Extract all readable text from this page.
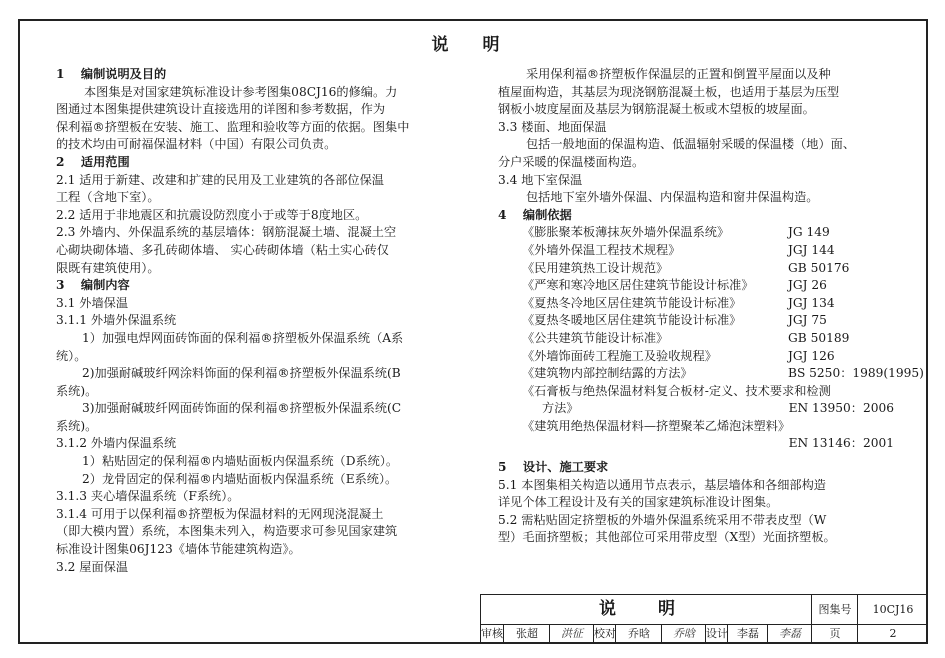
说 明
1　 编制说明及目的
本图集是对国家建筑标准设计参考图集08CJ16的修编。力
图通过本图集提供建筑设计直接选用的详图和参考数据，作为
保利福®挤塑板在安装、施工、监理和验收等方面的依据。图集中
的技术均由可耐福保温材料（中国）有限公司负责。
2　 适用范围
2.1 适用于新建、改建和扩建的民用及工业建筑的各部位保温
工程（含地下室）。
2.2 适用于非地震区和抗震设防烈度小于或等于8度地区。
2.3 外墙内、外保温系统的基层墙体：钢筋混凝土墙、混凝土空
心砌块砌体墙、多孔砖砌体墙、 实心砖砌体墙（粘土实心砖仅
限既有建筑使用）。
3　 编制内容
3.1 外墙保温
3.1.1 外墙外保温系统
1）加强电焊网面砖饰面的保利福®挤塑板外保温系统（A系
统）。
2)加强耐碱玻纤网涂料饰面的保利福®挤塑板外保温系统(B
系统)。
3)加强耐碱玻纤网面砖饰面的保利福®挤塑板外保温系统(C
系统)。
3.1.2 外墙内保温系统
1）粘贴固定的保利福®内墙贴面板内保温系统（D系统）。
2）龙骨固定的保利福®内墙贴面板内保温系统（E系统）。
3.1.3 夹心墙保温系统（F系统）。
3.1.4 可用于以保利福®挤塑板为保温材料的无网现浇混凝土
（即大模内置）系统，本图集未列入，构造要求可参见国家建筑
标准设计图集06J123《墙体节能建筑构造》。
3.2 屋面保温
采用保利福®挤塑板作保温层的正置和倒置平屋面以及种
植屋面构造，其基层为现浇钢筋混凝土板，也适用于基层为压型
钢板小坡度屋面及基层为钢筋混凝土板或木望板的坡屋面。
3.3 楼面、地面保温
包括一般地面的保温构造、低温辐射采暖的保温楼（地）面、
分户采暖的保温楼面构造。
3.4 地下室保温
包括地下室外墙外保温、内保温构造和窗井保温构造。
4　 编制依据
《膨胀聚苯板薄抹灰外墙外保温系统》	JG 149
《外墙外保温工程技术规程》	JGJ 144
《民用建筑热工设计规范》	GB 50176
《严寒和寒冷地区居住建筑节能设计标准》	JGJ 26
《夏热冬冷地区居住建筑节能设计标准》	JGJ 134
《夏热冬暖地区居住建筑节能设计标准》	JGJ 75
《公共建筑节能设计标准》	GB 50189
《外墙饰面砖工程施工及验收规程》	JGJ 126
《建筑物内部控制结露的方法》	BS 5250：1989(1995)
《石膏板与绝热保温材料复合板材-定义、技术要求和检测
方法》	EN 13950：2006
《建筑用绝热保温材料—挤塑聚苯乙烯泡沫塑料》
EN 13146：2001
5　 设计、施工要求
5.1 本图集相关构造以通用节点表示，基层墙体和各细部构造
详见个体工程设计及有关的国家建筑标准设计图集。
5.2 需粘贴固定挤塑板的外墙外保温系统采用不带表皮型（W
型）毛面挤塑板；其他部位可采用带皮型（X型）光面挤塑板。
说 明	图集号	10CJ16
审核	张超	洪征	校对	乔晗	乔晗	设计 李磊	李磊	页	2
